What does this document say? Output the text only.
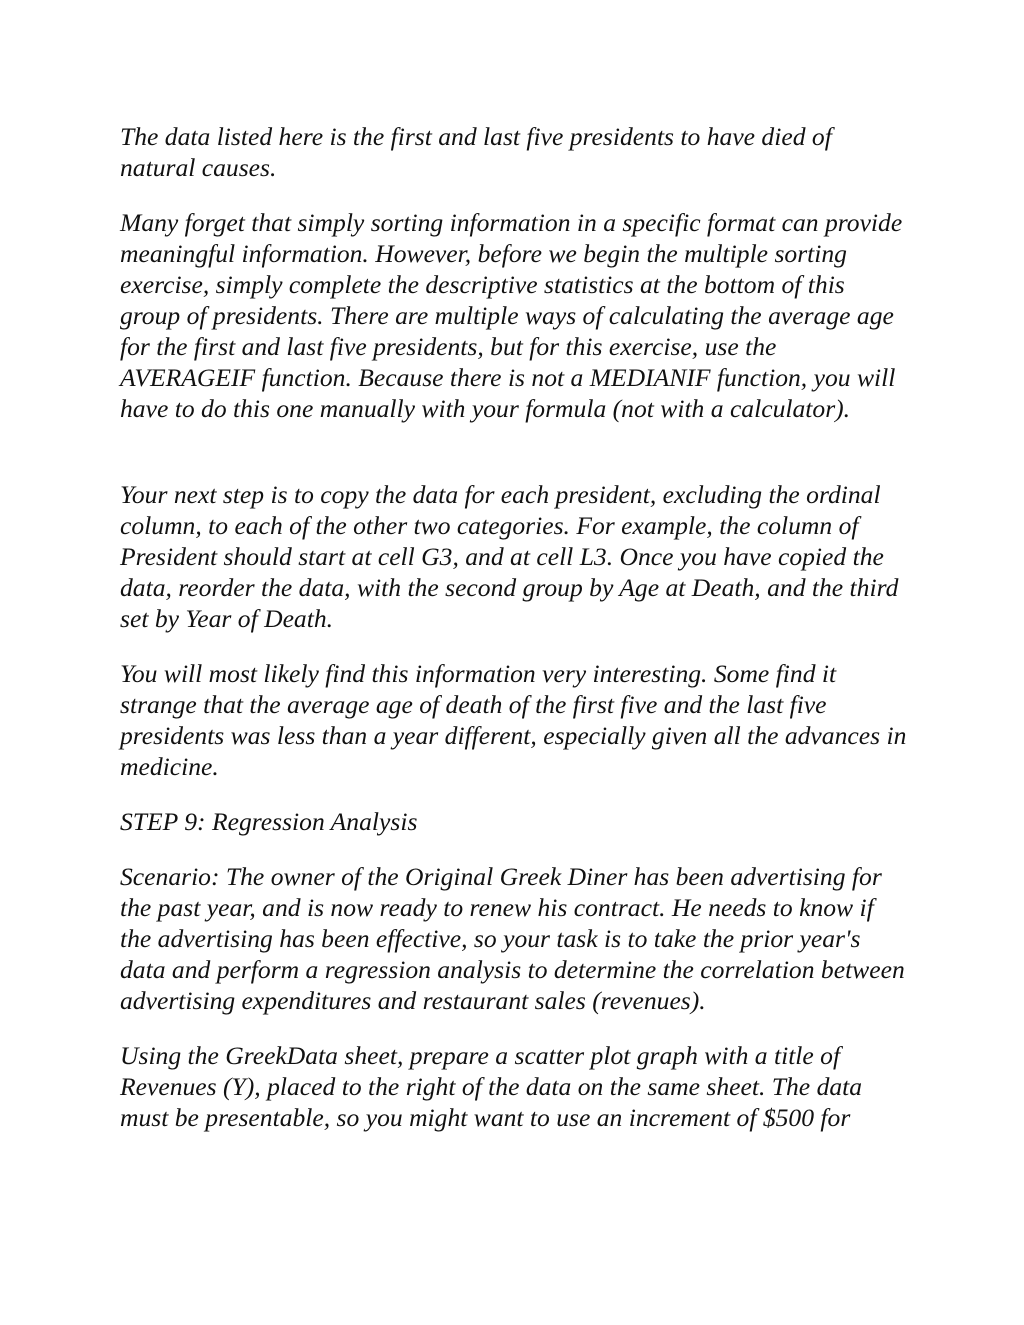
The data listed here is the first and last five presidents to have died of natural causes.

Many forget that simply sorting information in a specific format can provide meaningful information. However, before we begin the multiple sorting exercise, simply complete the descriptive statistics at the bottom of this group of presidents. There are multiple ways of calculating the average age for the first and last five presidents, but for this exercise, use the AVERAGEIF function. Because there is not a MEDIANIF function, you will have to do this one manually with your formula (not with a calculator).

Your next step is to copy the data for each president, excluding the ordinal column, to each of the other two categories. For example, the column of President should start at cell G3, and at cell L3. Once you have copied the data, reorder the data, with the second group by Age at Death, and the third set by Year of Death.

You will most likely find this information very interesting. Some find it strange that the average age of death of the first five and the last five presidents was less than a year different, especially given all the advances in medicine.

STEP 9: Regression Analysis

Scenario: The owner of the Original Greek Diner has been advertising for the past year, and is now ready to renew his contract. He needs to know if the advertising has been effective, so your task is to take the prior year's data and perform a regression analysis to determine the correlation between advertising expenditures and restaurant sales (revenues).

Using the GreekData sheet, prepare a scatter plot graph with a title of Revenues (Y), placed to the right of the data on the same sheet. The data must be presentable, so you might want to use an increment of $500 for
